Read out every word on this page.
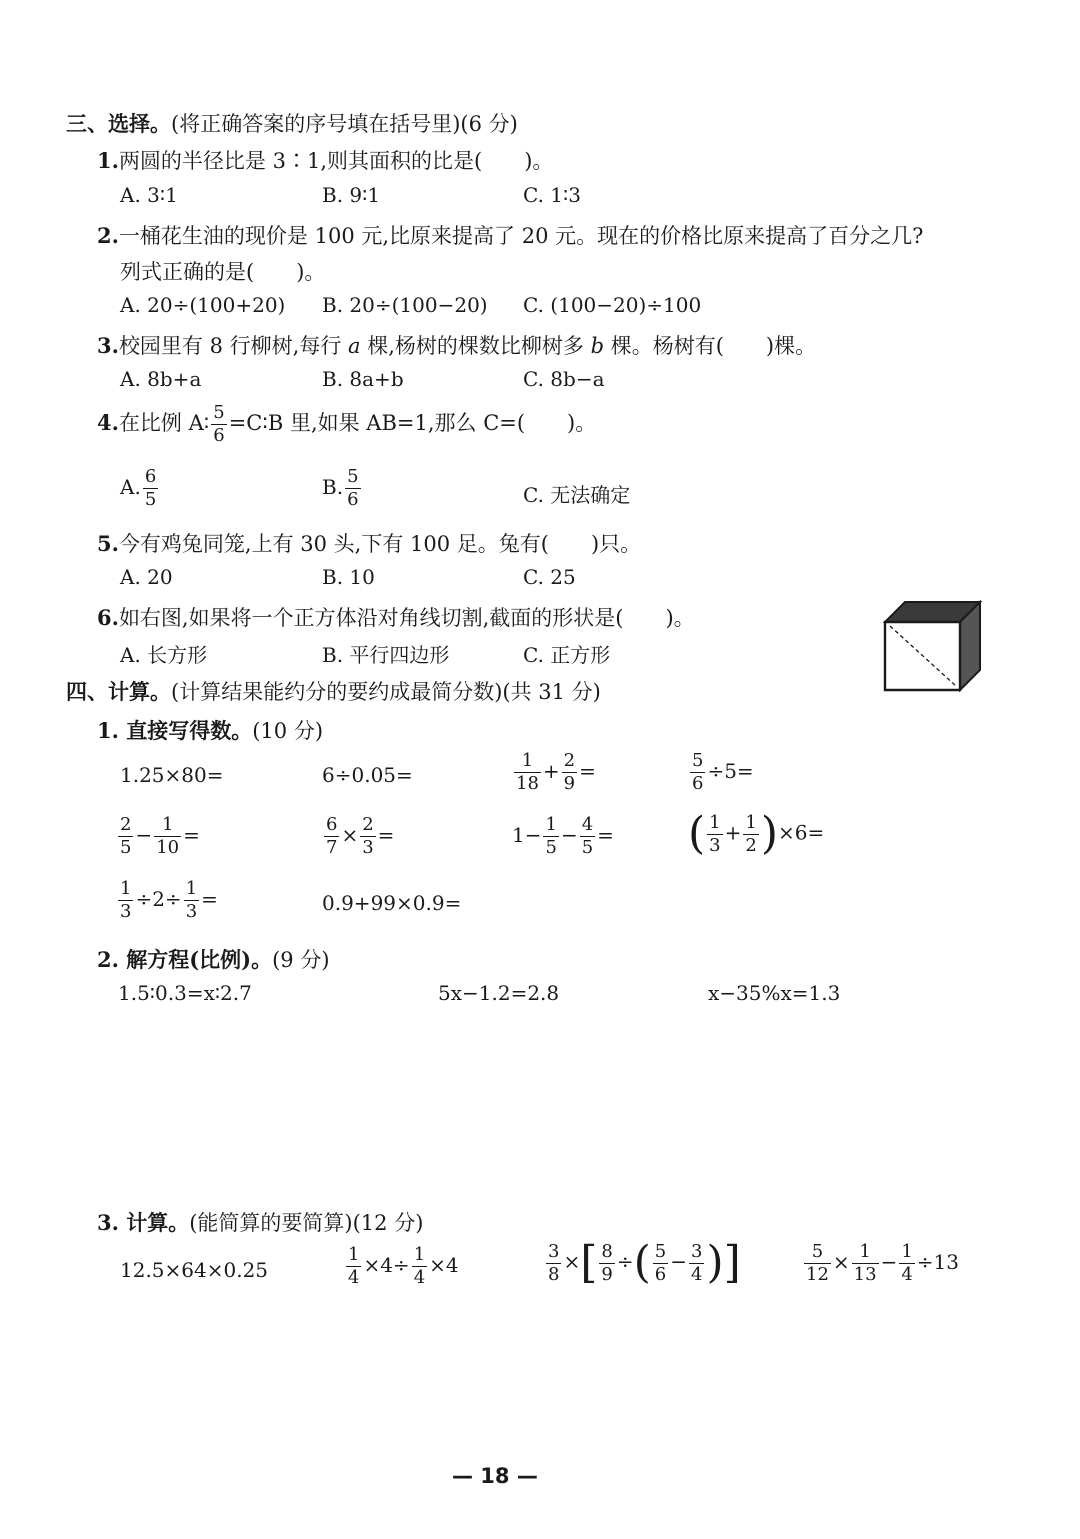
三、选择。(将正确答案的序号填在括号里)(6 分)
1.两圆的半径比是 3∶1,则其面积的比是(　　)。
A. 3∶1	B. 9∶1	C. 1∶3
2.一桶花生油的现价是 100 元,比原来提高了 20 元。现在的价格比原来提高了百分之几?
列式正确的是(　　)。
A. 20÷(100+20) B. 20÷(100−20) C. (100−20)÷100
3.校园里有 8 行柳树,每行 a 棵,杨树的棵数比柳树多 b 棵。杨树有(　　)棵。
A. 8b+a	B. 8a+b	C. 8b−a
4.在比例 A∶ $\frac{5}{6}$ =C∶B 里,如果 AB=1,那么 C=(　　)。
A. $\frac{6}{5}$	B. $\frac{5}{6}$	C. 无法确定
5.今有鸡兔同笼,上有 30 头,下有 100 足。兔有(　　)只。
A. 20	B. 10	C. 25
6.如右图,如果将一个正方体沿对角线切割,截面的形状是(　　)。
A. 长方形	B. 平行四边形	C. 正方形
四、计算。(计算结果能约分的要约成最简分数)(共 31 分)
1. 直接写得数。(10 分)
1.25×80=	6÷0.05=	$\frac{1}{18} + \frac{2}{9}$ =	$\frac{5}{6} \div 5=$
$\frac{2}{5} - \frac{1}{10}$ =	$\frac{6}{7} \times \frac{2}{3}$ =	$1- \frac{1}{5} - \frac{4}{5}$ = ( $\frac{1}{3} + \frac{1}{2} )\times 6=$
$\frac{1}{3} \div 2\div \frac{1}{3}$ =	0.9+99×0.9=
2. 解方程(比例)。(9 分)
1.5∶0.3=x∶2.7	5x−1.2=2.8	x−35%x=1.3
3. 计算。(能简算的要简算)(12 分)
12.5×64×0.25	$\frac{1}{4} \times 4\div \frac{1}{4} \times 4$	$\frac{3}{8}$ ×[ $\frac{8}{9}$ ÷( $\frac{5}{6} - \frac{3}{4}$ )]	$\frac{5}{12} \times \frac{1}{13} - \frac{1}{4} \div 13$
— 18 —
